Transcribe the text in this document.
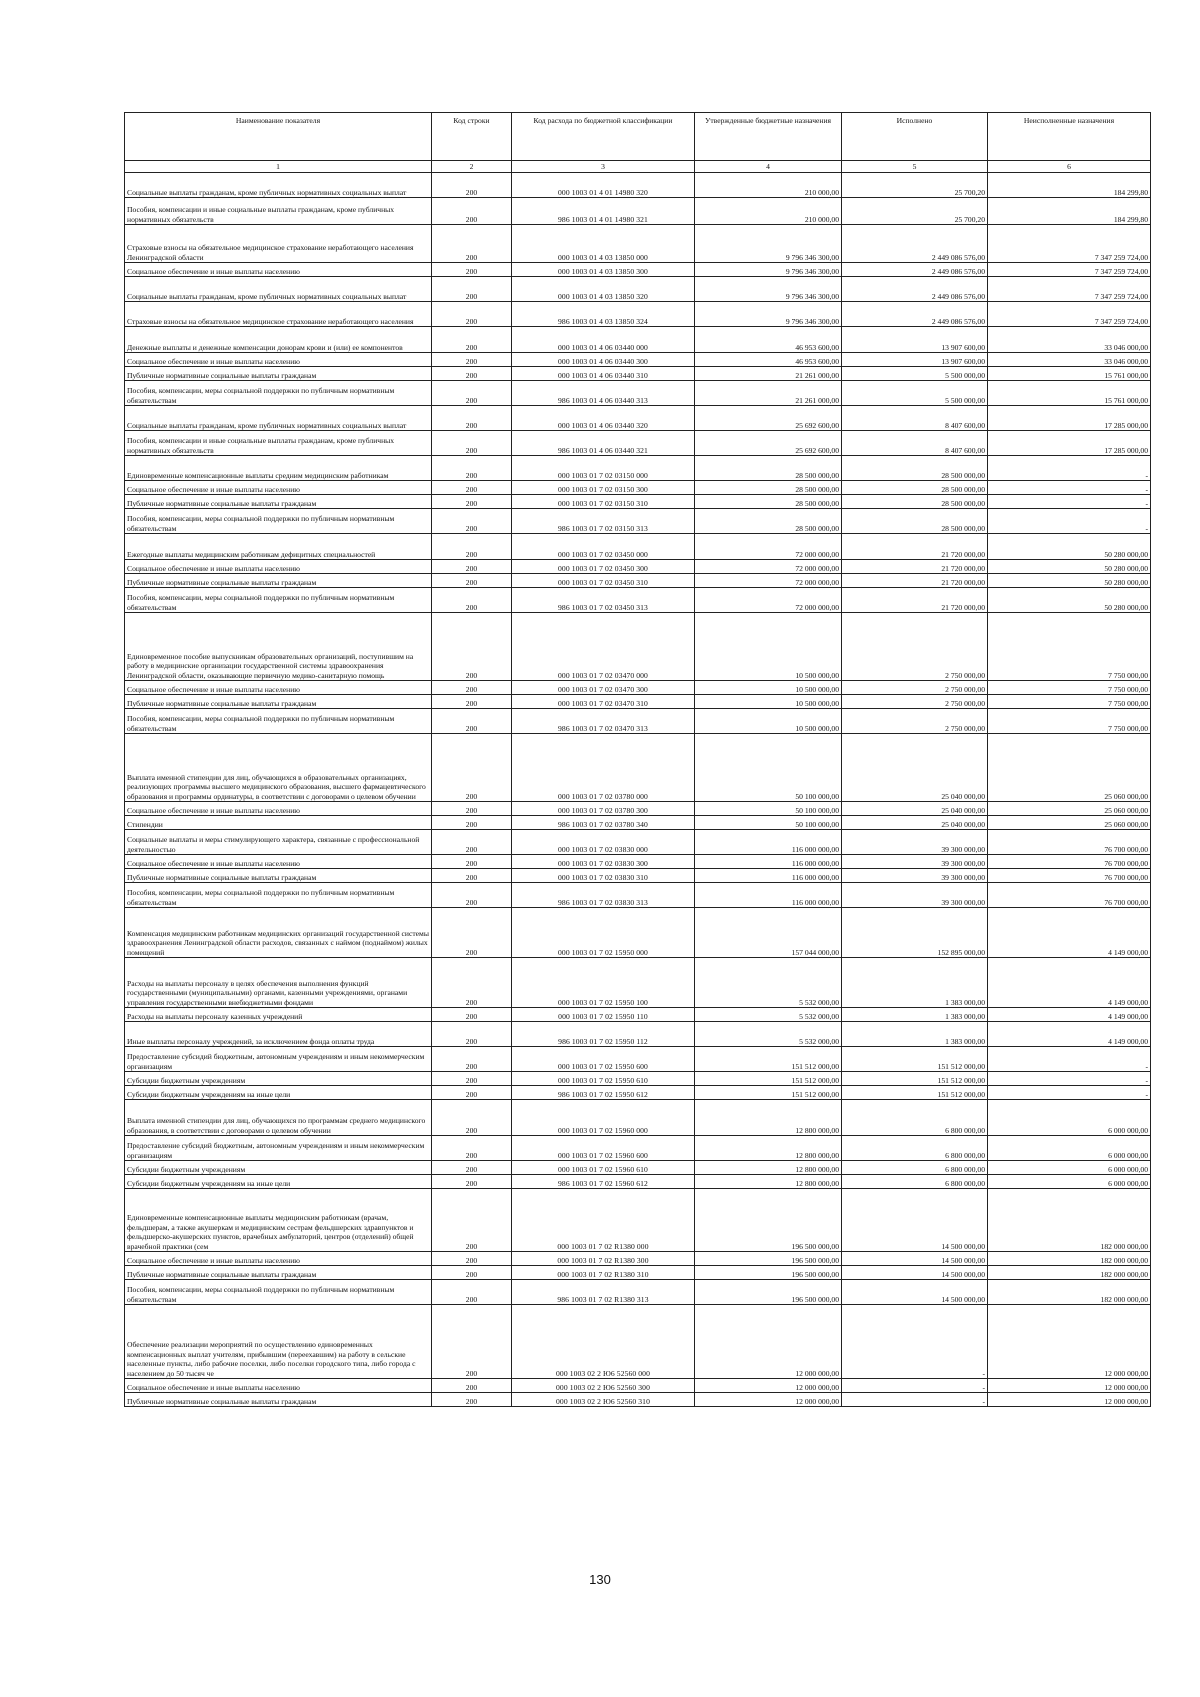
Наименование показателя	Код строки	Код расхода по бюджетной классификации	Утвержденные бюджетные назначения	Исполнено	Неисполненные назначения
1	2	3	4	5	6
Социальные выплаты гражданам, кроме публичных нормативных социальных выплат	200	000 1003 01 4 01 14980 320	210 000,00	25 700,20	184 299,80
Пособия, компенсации и иные социальные выплаты гражданам, кроме публичных нормативных обязательств	200	986 1003 01 4 01 14980 321	210 000,00	25 700,20	184 299,80
Страховые взносы на обязательное медицинское страхование неработающего населения Ленинградской области	200	000 1003 01 4 03 13850 000	9 796 346 300,00	2 449 086 576,00	7 347 259 724,00
Социальное обеспечение и иные выплаты населению	200	000 1003 01 4 03 13850 300	9 796 346 300,00	2 449 086 576,00	7 347 259 724,00
Социальные выплаты гражданам, кроме публичных нормативных социальных выплат	200	000 1003 01 4 03 13850 320	9 796 346 300,00	2 449 086 576,00	7 347 259 724,00
Страховые взносы на обязательное медицинское страхование неработающего населения	200	986 1003 01 4 03 13850 324	9 796 346 300,00	2 449 086 576,00	7 347 259 724,00
Денежные выплаты и денежные компенсации донорам крови и (или) ее компонентов	200	000 1003 01 4 06 03440 000	46 953 600,00	13 907 600,00	33 046 000,00
Социальное обеспечение и иные выплаты населению	200	000 1003 01 4 06 03440 300	46 953 600,00	13 907 600,00	33 046 000,00
Публичные нормативные социальные выплаты гражданам	200	000 1003 01 4 06 03440 310	21 261 000,00	5 500 000,00	15 761 000,00
Пособия, компенсации, меры социальной поддержки по публичным нормативным обязательствам	200	986 1003 01 4 06 03440 313	21 261 000,00	5 500 000,00	15 761 000,00
Социальные выплаты гражданам, кроме публичных нормативных социальных выплат	200	000 1003 01 4 06 03440 320	25 692 600,00	8 407 600,00	17 285 000,00
Пособия, компенсации и иные социальные выплаты гражданам, кроме публичных нормативных обязательств	200	986 1003 01 4 06 03440 321	25 692 600,00	8 407 600,00	17 285 000,00
Единовременные компенсационные выплаты средним медицинским работникам	200	000 1003 01 7 02 03150 000	28 500 000,00	28 500 000,00	-
Социальное обеспечение и иные выплаты населению	200	000 1003 01 7 02 03150 300	28 500 000,00	28 500 000,00	-
Публичные нормативные социальные выплаты гражданам	200	000 1003 01 7 02 03150 310	28 500 000,00	28 500 000,00	-
Пособия, компенсации, меры социальной поддержки по публичным нормативным обязательствам	200	986 1003 01 7 02 03150 313	28 500 000,00	28 500 000,00	-
Ежегодные выплаты медицинским работникам дефицитных специальностей	200	000 1003 01 7 02 03450 000	72 000 000,00	21 720 000,00	50 280 000,00
Социальное обеспечение и иные выплаты населению	200	000 1003 01 7 02 03450 300	72 000 000,00	21 720 000,00	50 280 000,00
Публичные нормативные социальные выплаты гражданам	200	000 1003 01 7 02 03450 310	72 000 000,00	21 720 000,00	50 280 000,00
Пособия, компенсации, меры социальной поддержки по публичным нормативным обязательствам	200	986 1003 01 7 02 03450 313	72 000 000,00	21 720 000,00	50 280 000,00
Единовременное пособие выпускникам образовательных организаций, поступившим на работу в медицинские организации государственной системы здравоохранения Ленинградской области, оказывающие первичную медико-санитарную помощь	200	000 1003 01 7 02 03470 000	10 500 000,00	2 750 000,00	7 750 000,00
Социальное обеспечение и иные выплаты населению	200	000 1003 01 7 02 03470 300	10 500 000,00	2 750 000,00	7 750 000,00
Публичные нормативные социальные выплаты гражданам	200	000 1003 01 7 02 03470 310	10 500 000,00	2 750 000,00	7 750 000,00
Пособия, компенсации, меры социальной поддержки по публичным нормативным обязательствам	200	986 1003 01 7 02 03470 313	10 500 000,00	2 750 000,00	7 750 000,00
Выплата именной стипендии для лиц, обучающихся в образовательных организациях, реализующих программы высшего медицинского образования, высшего фармацевтического образования и программы ординатуры, в соответствии с договорами о целевом обучении	200	000 1003 01 7 02 03780 000	50 100 000,00	25 040 000,00	25 060 000,00
Социальное обеспечение и иные выплаты населению	200	000 1003 01 7 02 03780 300	50 100 000,00	25 040 000,00	25 060 000,00
Стипендии	200	986 1003 01 7 02 03780 340	50 100 000,00	25 040 000,00	25 060 000,00
Социальные выплаты и меры стимулирующего характера, связанные с профессиональной деятельностью	200	000 1003 01 7 02 03830 000	116 000 000,00	39 300 000,00	76 700 000,00
Социальное обеспечение и иные выплаты населению	200	000 1003 01 7 02 03830 300	116 000 000,00	39 300 000,00	76 700 000,00
Публичные нормативные социальные выплаты гражданам	200	000 1003 01 7 02 03830 310	116 000 000,00	39 300 000,00	76 700 000,00
Пособия, компенсации, меры социальной поддержки по публичным нормативным обязательствам	200	986 1003 01 7 02 03830 313	116 000 000,00	39 300 000,00	76 700 000,00
Компенсация медицинским работникам медицинских организаций государственной системы здравоохранения Ленинградской области расходов, связанных с наймом (поднаймом) жилых помещений	200	000 1003 01 7 02 15950 000	157 044 000,00	152 895 000,00	4 149 000,00
Расходы на выплаты персоналу в целях обеспечения выполнения функций государственными (муниципальными) органами, казенными учреждениями, органами управления государственными внебюджетными фондами	200	000 1003 01 7 02 15950 100	5 532 000,00	1 383 000,00	4 149 000,00
Расходы на выплаты персоналу казенных учреждений	200	000 1003 01 7 02 15950 110	5 532 000,00	1 383 000,00	4 149 000,00
Иные выплаты персоналу учреждений, за исключением фонда оплаты труда	200	986 1003 01 7 02 15950 112	5 532 000,00	1 383 000,00	4 149 000,00
Предоставление субсидий бюджетным, автономным учреждениям и иным некоммерческим организациям	200	000 1003 01 7 02 15950 600	151 512 000,00	151 512 000,00	-
Субсидии бюджетным учреждениям	200	000 1003 01 7 02 15950 610	151 512 000,00	151 512 000,00	-
Субсидии бюджетным учреждениям на иные цели	200	986 1003 01 7 02 15950 612	151 512 000,00	151 512 000,00	-
Выплата именной стипендии для лиц, обучающихся по программам среднего медицинского образования, в соответствии с договорами о целевом обучении	200	000 1003 01 7 02 15960 000	12 800 000,00	6 800 000,00	6 000 000,00
Предоставление субсидий бюджетным, автономным учреждениям и иным некоммерческим организациям	200	000 1003 01 7 02 15960 600	12 800 000,00	6 800 000,00	6 000 000,00
Субсидии бюджетным учреждениям	200	000 1003 01 7 02 15960 610	12 800 000,00	6 800 000,00	6 000 000,00
Субсидии бюджетным учреждениям на иные цели	200	986 1003 01 7 02 15960 612	12 800 000,00	6 800 000,00	6 000 000,00
Единовременные компенсационные выплаты медицинским работникам (врачам, фельдшерам, а также акушеркам и медицинским сестрам фельдшерских здравпунктов и фельдшерско-акушерских пунктов, врачебных амбулаторий, центров (отделений) общей врачебной практики (сем	200	000 1003 01 7 02 R1380 000	196 500 000,00	14 500 000,00	182 000 000,00
Социальное обеспечение и иные выплаты населению	200	000 1003 01 7 02 R1380 300	196 500 000,00	14 500 000,00	182 000 000,00
Публичные нормативные социальные выплаты гражданам	200	000 1003 01 7 02 R1380 310	196 500 000,00	14 500 000,00	182 000 000,00
Пособия, компенсации, меры социальной поддержки по публичным нормативным обязательствам	200	986 1003 01 7 02 R1380 313	196 500 000,00	14 500 000,00	182 000 000,00
Обеспечение реализации мероприятий по осуществлению единовременных компенсационных выплат учителям, прибывшим (переехавшим) на работу в сельские населенные пункты, либо рабочие поселки, либо поселки городского типа, либо города с населением до 50 тысяч че	200	000 1003 02 2 Ю6 52560 000	12 000 000,00	-	12 000 000,00
Социальное обеспечение и иные выплаты населению	200	000 1003 02 2 Ю6 52560 300	12 000 000,00	-	12 000 000,00
Публичные нормативные социальные выплаты гражданам	200	000 1003 02 2 Ю6 52560 310	12 000 000,00	-	12 000 000,00
130
